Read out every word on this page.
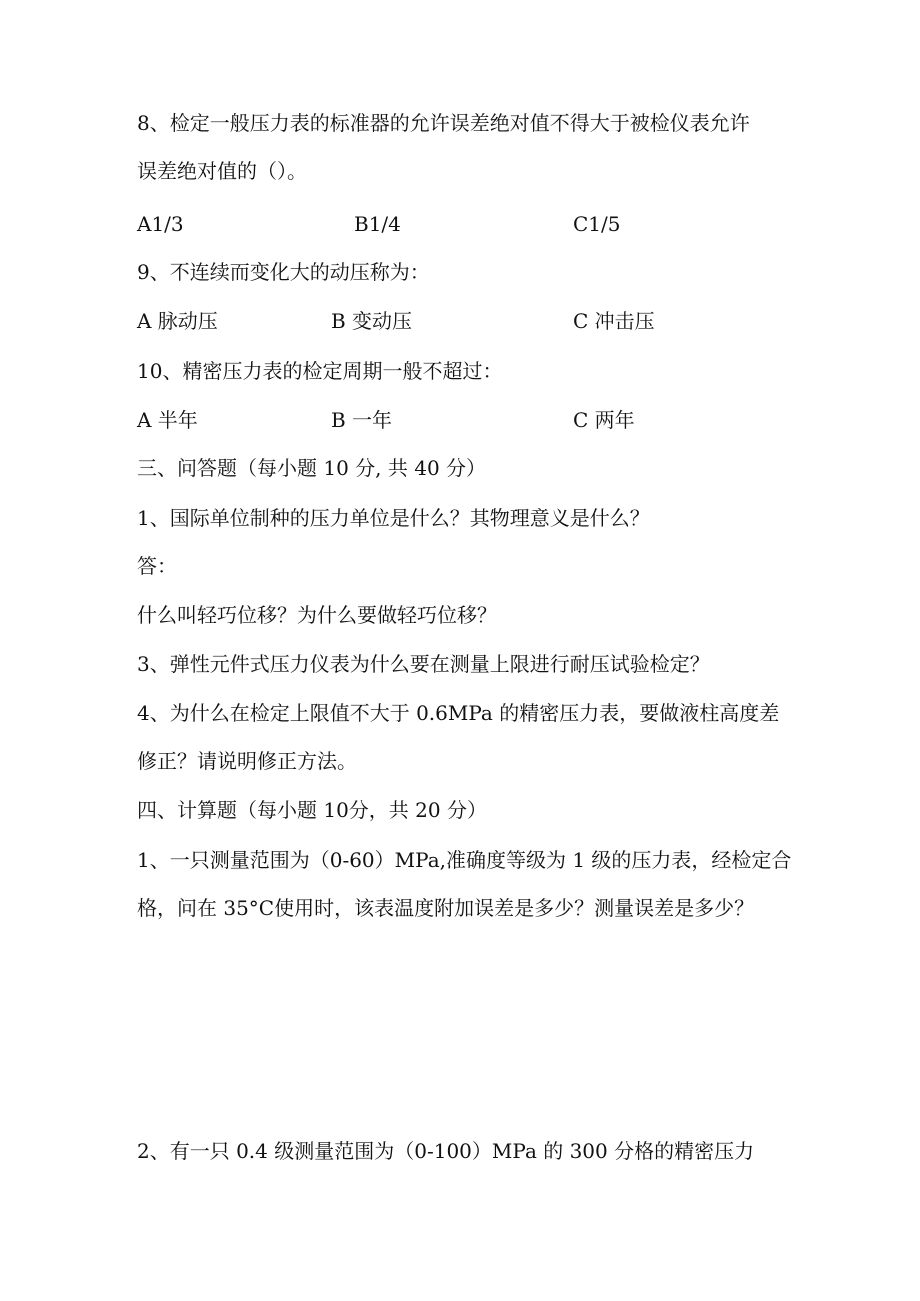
8、检定一般压力表的标准器的允许误差绝对值不得大于被检仪表允许
误差绝对值的（）。
A1/3	B1/4	C1/5
9、不连续而变化大的动压称为：
A 脉动压	B 变动压	C 冲击压
10、精密压力表的检定周期一般不超过：
A 半年	B 一年	C 两年
三、问答题（每小题 10 分, 共 40 分）
1、国际单位制种的压力单位是什么？其物理意义是什么？
答：
什么叫轻巧位移？为什么要做轻巧位移？
3、弹性元件式压力仪表为什么要在测量上限进行耐压试验检定？
4、为什么在检定上限值不大于 0.6MPa 的精密压力表，要做液柱高度差
修正？请说明修正方法。
四、计算题（每小题 10分，共 20 分）
1、一只测量范围为（0-60）MPa,准确度等级为 1 级的压力表，经检定合
格，问在 35°C使用时，该表温度附加误差是多少？测量误差是多少？
2、有一只 0.4 级测量范围为（0-100）MPa 的 300 分格的精密压力
